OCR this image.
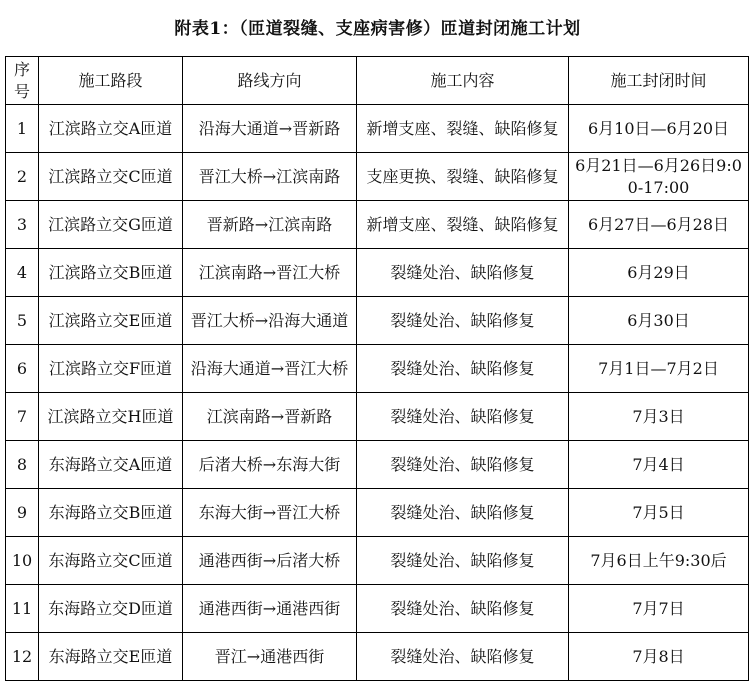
附表1：（匝道裂缝、支座病害修）匝道封闭施工计划
序号	施工路段	路线方向	施工内容	施工封闭时间
1	江滨路立交A匝道	沿海大通道→晋新路	新增支座、裂缝、缺陷修复	6月10日—6月20日
2	江滨路立交C匝道	晋江大桥→江滨南路	支座更换、裂缝、缺陷修复	6月21日—6月26日9:00-17:00
3	江滨路立交G匝道	晋新路→江滨南路	新增支座、裂缝、缺陷修复	6月27日—6月28日
4	江滨路立交B匝道	江滨南路→晋江大桥	裂缝处治、缺陷修复	6月29日
5	江滨路立交E匝道	晋江大桥→沿海大通道	裂缝处治、缺陷修复	6月30日
6	江滨路立交F匝道	沿海大通道→晋江大桥	裂缝处治、缺陷修复	7月1日—7月2日
7	江滨路立交H匝道	江滨南路→晋新路	裂缝处治、缺陷修复	7月3日
8	东海路立交A匝道	后渚大桥→东海大街	裂缝处治、缺陷修复	7月4日
9	东海路立交B匝道	东海大街→晋江大桥	裂缝处治、缺陷修复	7月5日
10	东海路立交C匝道	通港西街→后渚大桥	裂缝处治、缺陷修复	7月6日上午9:30后
11	东海路立交D匝道	通港西街→通港西街	裂缝处治、缺陷修复	7月7日
12	东海路立交E匝道	晋江→通港西街	裂缝处治、缺陷修复	7月8日
